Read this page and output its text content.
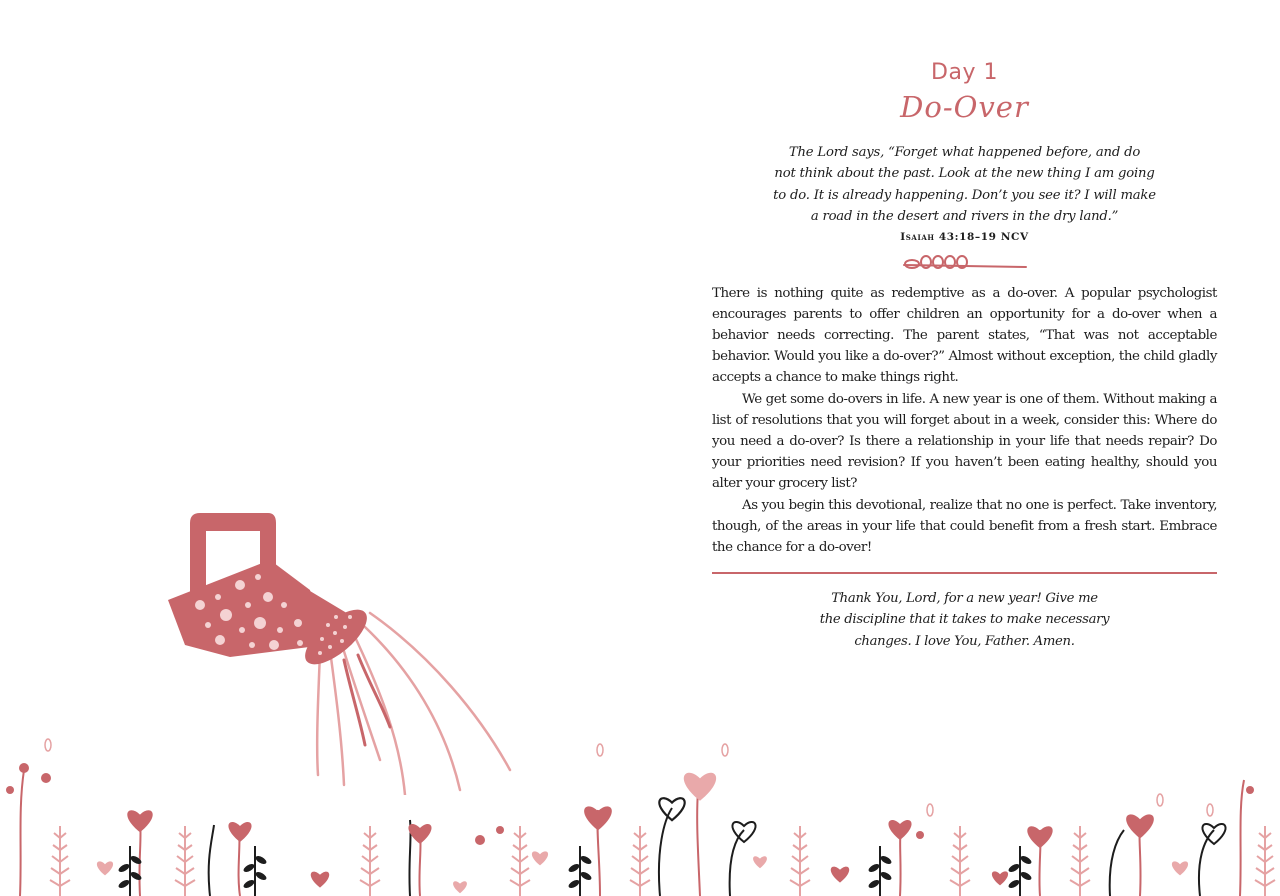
Day 1

Do-Over

The Lord says, “Forget what happened before, and do
not think about the past. Look at the new thing I am going
to do. It is already happening. Don’t you see it? I will make
a road in the desert and rivers in the dry land.”
Isaiah 43:18–19 NCV

There is nothing quite as redemptive as a do-over. A popular psychologist encourages parents to offer children an opportunity for a do-over when a behavior needs correcting. The parent states, “That was not acceptable behavior. Would you like a do-over?” Almost without exception, the child gladly accepts a chance to make things right.

We get some do-overs in life. A new year is one of them. Without making a list of resolutions that you will forget about in a week, consider this: Where do you need a do-over? Is there a relationship in your life that needs repair? Do your priorities need revision? If you haven’t been eating healthy, should you alter your grocery list?

As you begin this devotional, realize that no one is perfect. Take inventory, though, of the areas in your life that could benefit from a fresh start. Embrace the chance for a do-over!

Thank You, Lord, for a new year! Give me
the discipline that it takes to make necessary
changes. I love You, Father. Amen.
